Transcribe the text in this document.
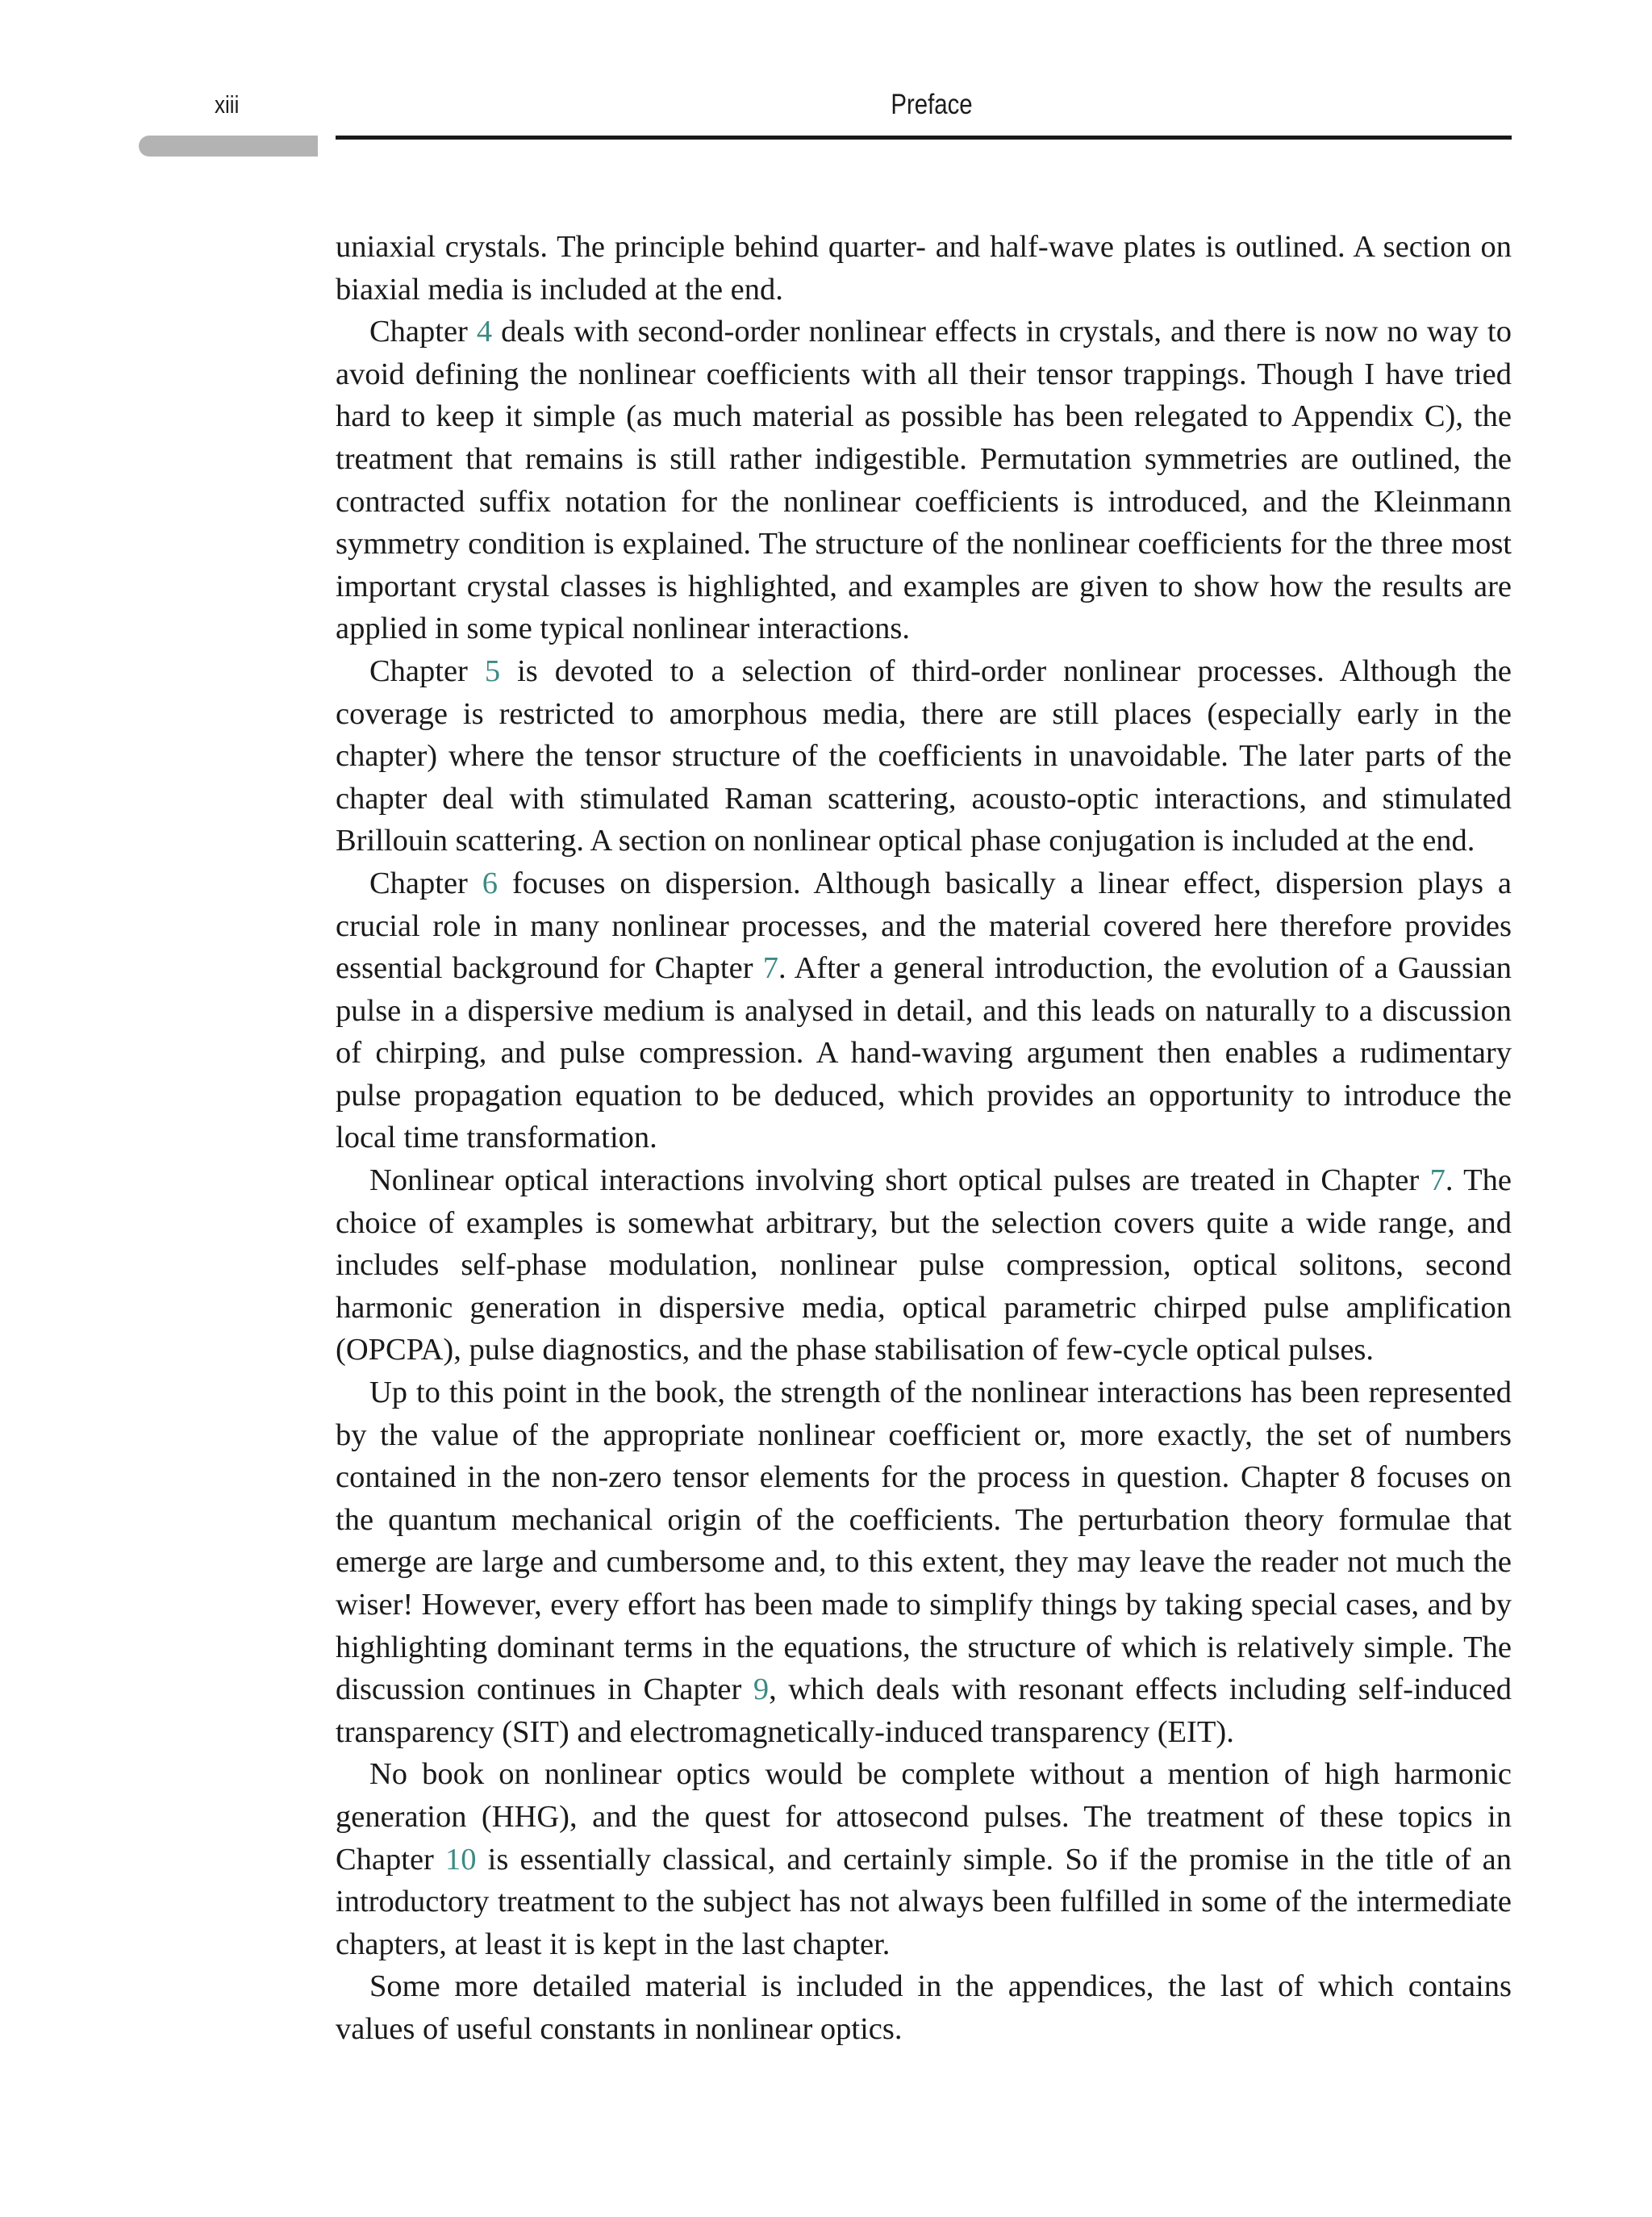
xiii	Preface

uniaxial crystals. The principle behind quarter- and half-wave plates is outlined. A section on biaxial media is included at the end.

Chapter 4 deals with second-order nonlinear effects in crystals, and there is now no way to avoid defining the nonlinear coefficients with all their tensor trappings. Though I have tried hard to keep it simple (as much material as possible has been relegated to Appendix C), the treatment that remains is still rather indigestible. Permutation symmetries are outlined, the contracted suffix notation for the nonlinear coefficients is introduced, and the Kleinmann symmetry condition is explained. The structure of the nonlinear coefficients for the three most important crystal classes is highlighted, and examples are given to show how the results are applied in some typical nonlinear interactions.

Chapter 5 is devoted to a selection of third-order nonlinear processes. Although the coverage is restricted to amorphous media, there are still places (especially early in the chapter) where the tensor structure of the coefficients in unavoidable. The later parts of the chapter deal with stimulated Raman scattering, acousto-optic interactions, and stimulated Brillouin scattering. A section on nonlinear optical phase conjugation is included at the end.

Chapter 6 focuses on dispersion. Although basically a linear effect, dispersion plays a crucial role in many nonlinear processes, and the material covered here therefore provides essential background for Chapter 7. After a general introduction, the evolution of a Gaussian pulse in a dispersive medium is analysed in detail, and this leads on naturally to a discussion of chirping, and pulse compression. A hand-waving argument then enables a rudimentary pulse propagation equation to be deduced, which provides an opportunity to introduce the local time transformation.

Nonlinear optical interactions involving short optical pulses are treated in Chapter 7. The choice of examples is somewhat arbitrary, but the selection covers quite a wide range, and includes self-phase modulation, nonlinear pulse compression, optical solitons, second harmonic generation in dispersive media, optical parametric chirped pulse amplification (OPCPA), pulse diagnostics, and the phase stabilisation of few-cycle optical pulses.

Up to this point in the book, the strength of the nonlinear interactions has been represented by the value of the appropriate nonlinear coefficient or, more exactly, the set of numbers contained in the non-zero tensor elements for the process in question. Chapter 8 focuses on the quantum mechanical origin of the coefficients. The perturbation theory formulae that emerge are large and cumbersome and, to this extent, they may leave the reader not much the wiser! However, every effort has been made to simplify things by taking special cases, and by highlighting dominant terms in the equations, the structure of which is relatively simple. The discussion continues in Chapter 9, which deals with resonant effects including self-induced transparency (SIT) and electromagnetically-induced transparency (EIT).

No book on nonlinear optics would be complete without a mention of high harmonic generation (HHG), and the quest for attosecond pulses. The treatment of these topics in Chapter 10 is essentially classical, and certainly simple. So if the promise in the title of an introductory treatment to the subject has not always been fulfilled in some of the intermediate chapters, at least it is kept in the last chapter.

Some more detailed material is included in the appendices, the last of which contains values of useful constants in nonlinear optics.
